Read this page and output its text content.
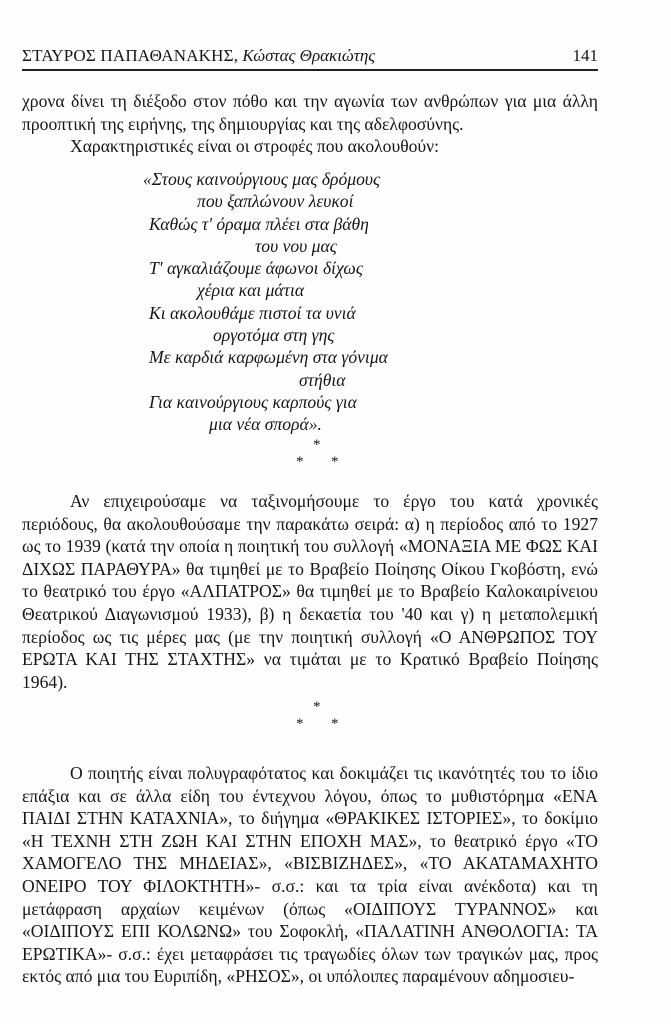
ΣΤΑΥΡΟΣ ΠΑΠΑΘΑΝΑΚΗΣ, Κώστας Θρακιώτης	141

χρονα δίνει τη διέξοδο στον πόθο και την αγωνία των ανθρώπων για μια άλλη προοπτική της ειρήνης, της δημιουργίας και της αδελφοσύνης.

Χαρακτηριστικές είναι οι στροφές που ακολουθούν:

«Στους καινούργιους μας δρόμους
που ξαπλώνουν λευκοί
Καθώς τ' όραμα πλέει στα βάθη
του νου μας
Τ' αγκαλιάζουμε άφωνοι δίχως
χέρια και μάτια
Κι ακολουθάμε πιστοί τα υνιά
οργοτόμα στη γης
Με καρδιά καρφωμένη στα γόνιμα
στήθια
Για καινούργιους καρπούς για
μια νέα σπορά».
*
* *

Αν επιχειρούσαμε να ταξινομήσουμε το έργο του κατά χρονικές περιόδους, θα ακολουθούσαμε την παρακάτω σειρά: α) η περίοδος από το 1927 ως το 1939 (κατά την οποία η ποιητική του συλλογή «ΜΟΝΑΞΙΑ ΜΕ ΦΩΣ ΚΑΙ ΔΙΧΩΣ ΠΑΡΑΘΥΡΑ» θα τιμηθεί με το Βραβείο Ποίησης Οίκου Γκοβόστη, ενώ το θεατρικό του έργο «ΑΛΠΑΤΡΟΣ» θα τιμηθεί με το Βραβείο Καλοκαιρίνειου Θεατρικού Διαγωνισμού 1933), β) η δεκαετία του '40 και γ) η μεταπολεμική περίοδος ως τις μέρες μας (με την ποιητική συλλογή «Ο ΑΝΘΡΩΠΟΣ ΤΟΥ ΕΡΩΤΑ ΚΑΙ ΤΗΣ ΣΤΑΧΤΗΣ» να τιμάται με το Κρατικό Βραβείο Ποίησης 1964).

*
* *

Ο ποιητής είναι πολυγραφότατος και δοκιμάζει τις ικανότητές του το ίδιο επάξια και σε άλλα είδη του έντεχνου λόγου, όπως το μυθιστόρημα «ΕΝΑ ΠΑΙΔΙ ΣΤΗΝ ΚΑΤΑΧΝΙΑ», το διήγημα «ΘΡΑΚΙΚΕΣ ΙΣΤΟΡΙΕΣ», το δοκίμιο «Η ΤΕΧΝΗ ΣΤΗ ΖΩΗ ΚΑΙ ΣΤΗΝ ΕΠΟΧΗ ΜΑΣ», το θεατρικό έργο «ΤΟ ΧΑΜΟΓΕΛΟ ΤΗΣ ΜΗΔΕΙΑΣ», «ΒΙΣΒΙΖΗΔΕΣ», «ΤΟ ΑΚΑΤΑΜΑΧΗΤΟ ΟΝΕΙΡΟ ΤΟΥ ΦΙΛΟΚΤΗΤΗ»- σ.σ.: και τα τρία είναι ανέκδοτα) και τη μετάφραση αρχαίων κειμένων (όπως «ΟΙΔΙΠΟΥΣ ΤΥΡΑΝΝΟΣ» και «ΟΙΔΙΠΟΥΣ ΕΠΙ ΚΟΛΩΝΩ» του Σοφοκλή, «ΠΑΛΑΤΙΝΗ ΑΝΘΟΛΟΓΙΑ: ΤΑ ΕΡΩΤΙΚΑ»- σ.σ.: έχει μεταφράσει τις τραγωδίες όλων των τραγικών μας, προς εκτός από μια του Ευριπίδη, «ΡΗΣΟΣ», οι υπόλοιπες παραμένουν αδημοσιευ-
